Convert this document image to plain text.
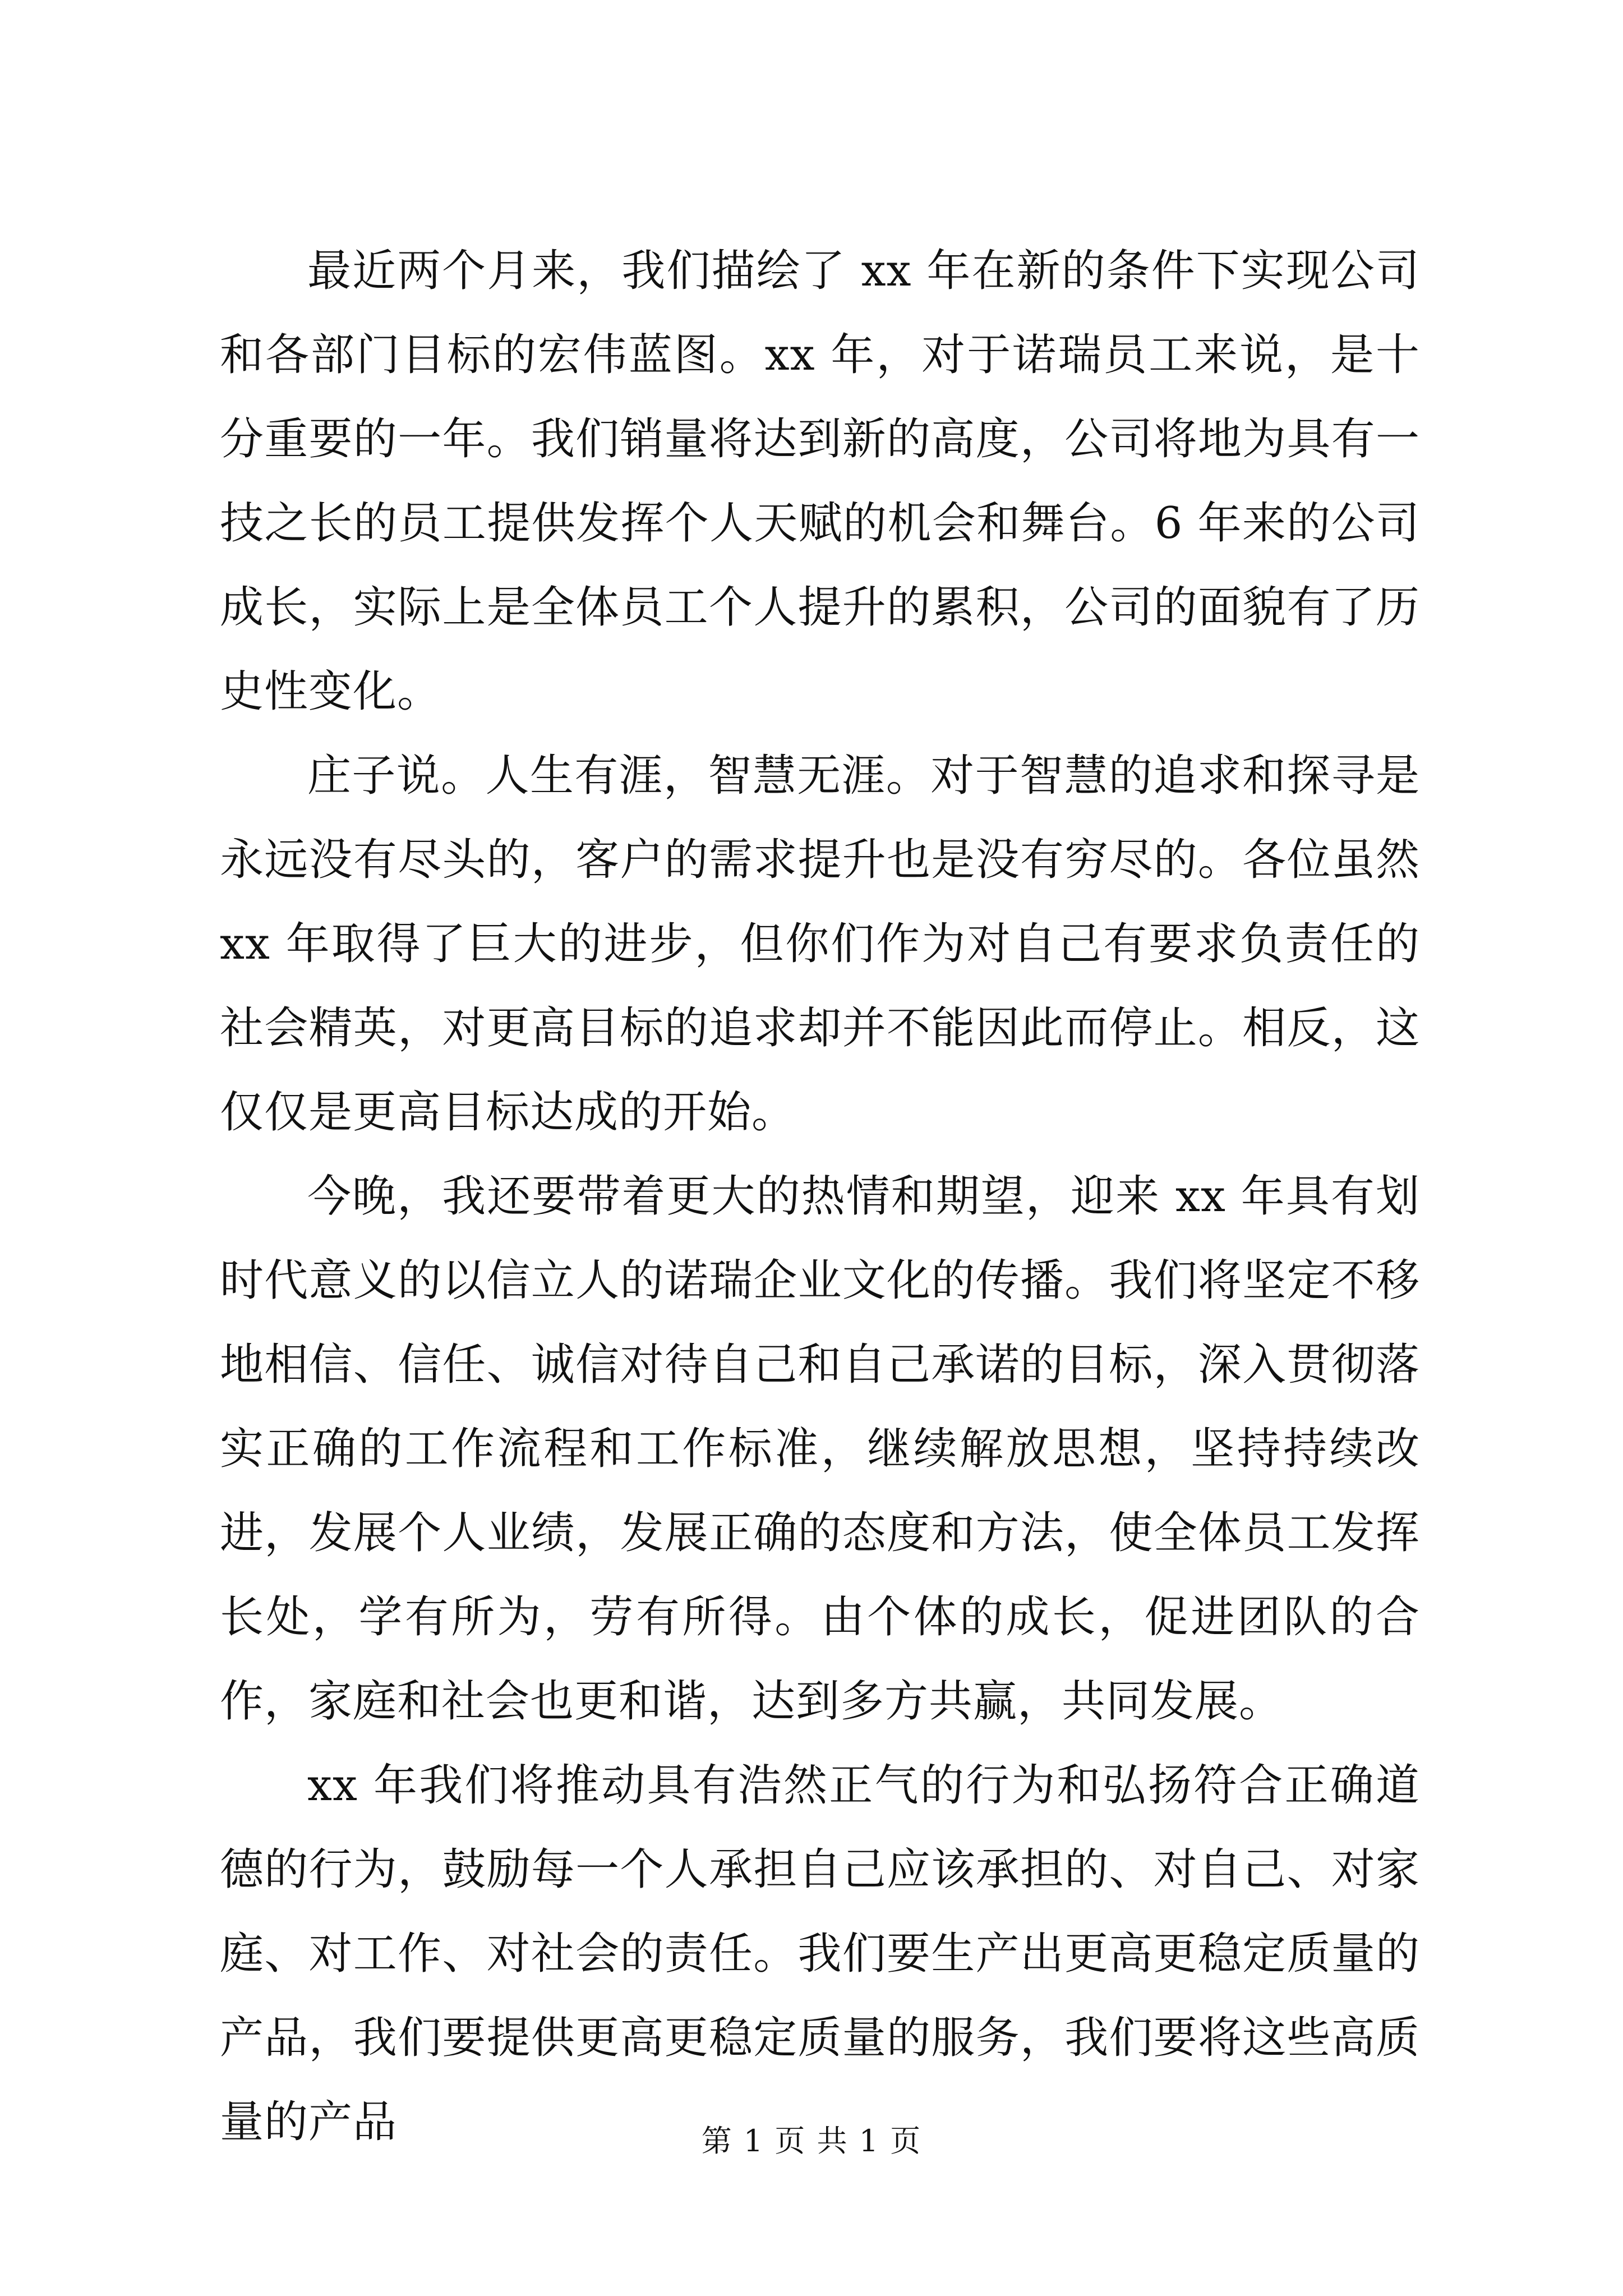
最近两个月来，我们描绘了 xx 年在新的条件下实现公司和各部门目标的宏伟蓝图。xx 年，对于诺瑞员工来说，是十分重要的一年。我们销量将达到新的高度，公司将地为具有一技之长的员工提供发挥个人天赋的机会和舞台。6 年来的公司成长，实际上是全体员工个人提升的累积，公司的面貌有了历史性变化。

庄子说。人生有涯，智慧无涯。对于智慧的追求和探寻是永远没有尽头的，客户的需求提升也是没有穷尽的。各位虽然 xx 年取得了巨大的进步，但你们作为对自己有要求负责任的社会精英，对更高目标的追求却并不能因此而停止。相反，这仅仅是更高目标达成的开始。

今晚，我还要带着更大的热情和期望，迎来 xx 年具有划时代意义的以信立人的诺瑞企业文化的传播。我们将坚定不移地相信、信任、诚信对待自己和自己承诺的目标，深入贯彻落实正确的工作流程和工作标准，继续解放思想，坚持持续改进，发展个人业绩，发展正确的态度和方法，使全体员工发挥长处，学有所为，劳有所得。由个体的成长，促进团队的合作，家庭和社会也更和谐，达到多方共赢，共同发展。

xx 年我们将推动具有浩然正气的行为和弘扬符合正确道德的行为，鼓励每一个人承担自己应该承担的、对自己、对家庭、对工作、对社会的责任。我们要生产出更高更稳定质量的产品，我们要提供更高更稳定质量的服务，我们要将这些高质量的产品	第 1 页 共 1 页
